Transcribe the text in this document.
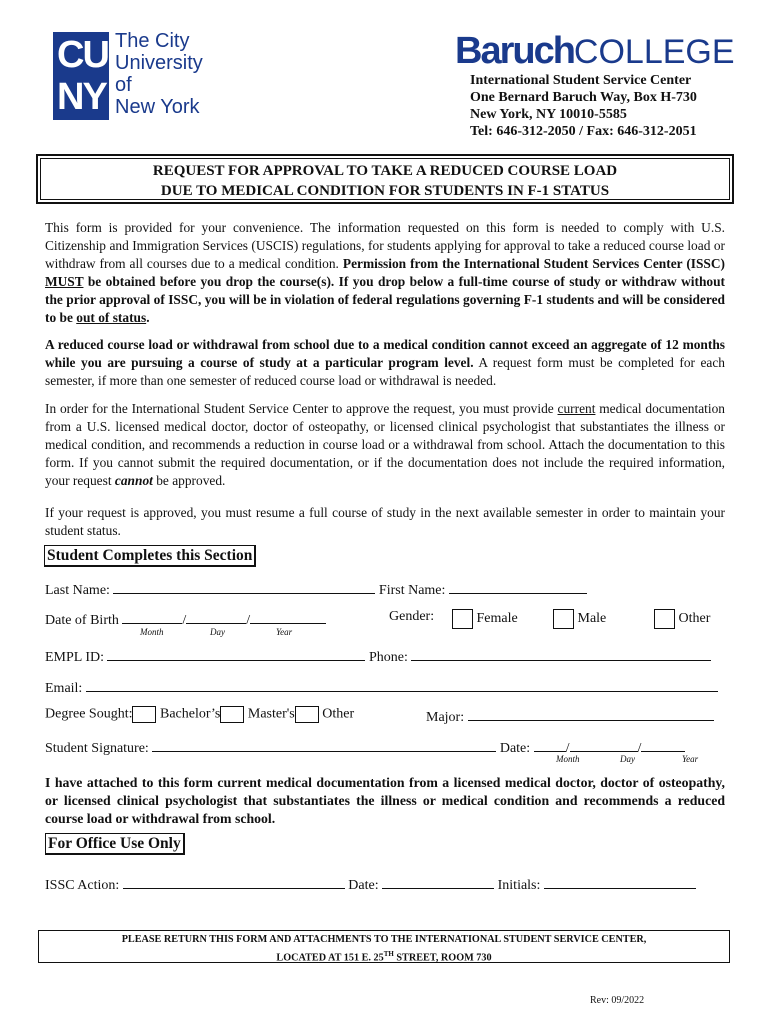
CU
NY
The City
University
of
New York
BaruchCOLLEGE
International Student Service Center
One Bernard Baruch Way, Box H-730
New York, NY 10010-5585
Tel: 646-312-2050 / Fax: 646-312-2051
REQUEST FOR APPROVAL TO TAKE A REDUCED COURSE LOAD
DUE TO MEDICAL CONDITION FOR STUDENTS IN F-1 STATUS
This form is provided for your convenience. The information requested on this form is needed to comply with U.S. Citizenship and Immigration Services (USCIS) regulations, for students applying for approval to take a reduced course load or withdraw from all courses due to a medical condition. Permission from the International Student Services Center (ISSC) MUST be obtained before you drop the course(s). If you drop below a full-time course of study or withdraw without the prior approval of ISSC, you will be in violation of federal regulations governing F-1 students and will be considered to be out of status.
A reduced course load or withdrawal from school due to a medical condition cannot exceed an aggregate of 12 months while you are pursuing a course of study at a particular program level. A request form must be completed for each semester, if more than one semester of reduced course load or withdrawal is needed.
In order for the International Student Service Center to approve the request, you must provide current medical documentation from a U.S. licensed medical doctor, doctor of osteopathy, or licensed clinical psychologist that substantiates the illness or medical condition, and recommends a reduction in course load or a withdrawal from school. Attach the documentation to this form. If you cannot submit the required documentation, or if the documentation does not include the required information, your request cannot be approved.
If your request is approved, you must resume a full course of study in the next available semester in order to maintain your student status.
Student Completes this Section
Last Name:	First Name:
Date of Birth	/	/
Month	Day	Year
Gender:	Female	Male	Other
EMPL ID:	Phone:
Email:
Degree Sought: Bachelor’s Master's Other	Major:
Student Signature:	Date:	/	/
Month	Day	Year
I have attached to this form current medical documentation from a licensed medical doctor, doctor of osteopathy, or licensed clinical psychologist that substantiates the illness or medical condition and recommends a reduced course load or withdrawal from school.
For Office Use Only
ISSC Action:	Date:	Initials:
PLEASE RETURN THIS FORM AND ATTACHMENTS TO THE INTERNATIONAL STUDENT SERVICE CENTER,
LOCATED AT 151 E. 25TH STREET, ROOM 730
Rev: 09/2022
